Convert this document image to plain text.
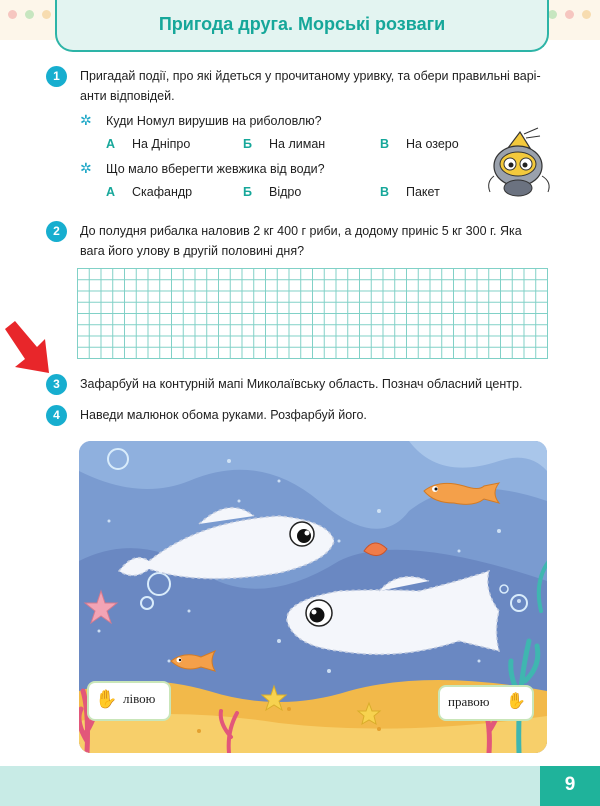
Пригода друга. Морські розваги
1	Пригадай події, про які йдеться у прочитаному уривку, та обери правильні варі-
анти відповідей.
✲ Куди Номул вирушив на риболовлю?
А На Дніпро	Б На лиман	В На озеро
✲ Що мало вберегти жевжика від води?
А Скафандр	Б Відро	В Пакет
2	До полудня рибалка наловив 2 кг 400 г риби, а додому приніс 5 кг 300 г. Яка
вага його улову в другій половині дня?
3	Зафарбуй на контурній мапі Миколаївську область. Познач обласний центр.
4	Наведи малюнок обома руками. Розфарбуй його.
✋ лівою	правою ✋
9
